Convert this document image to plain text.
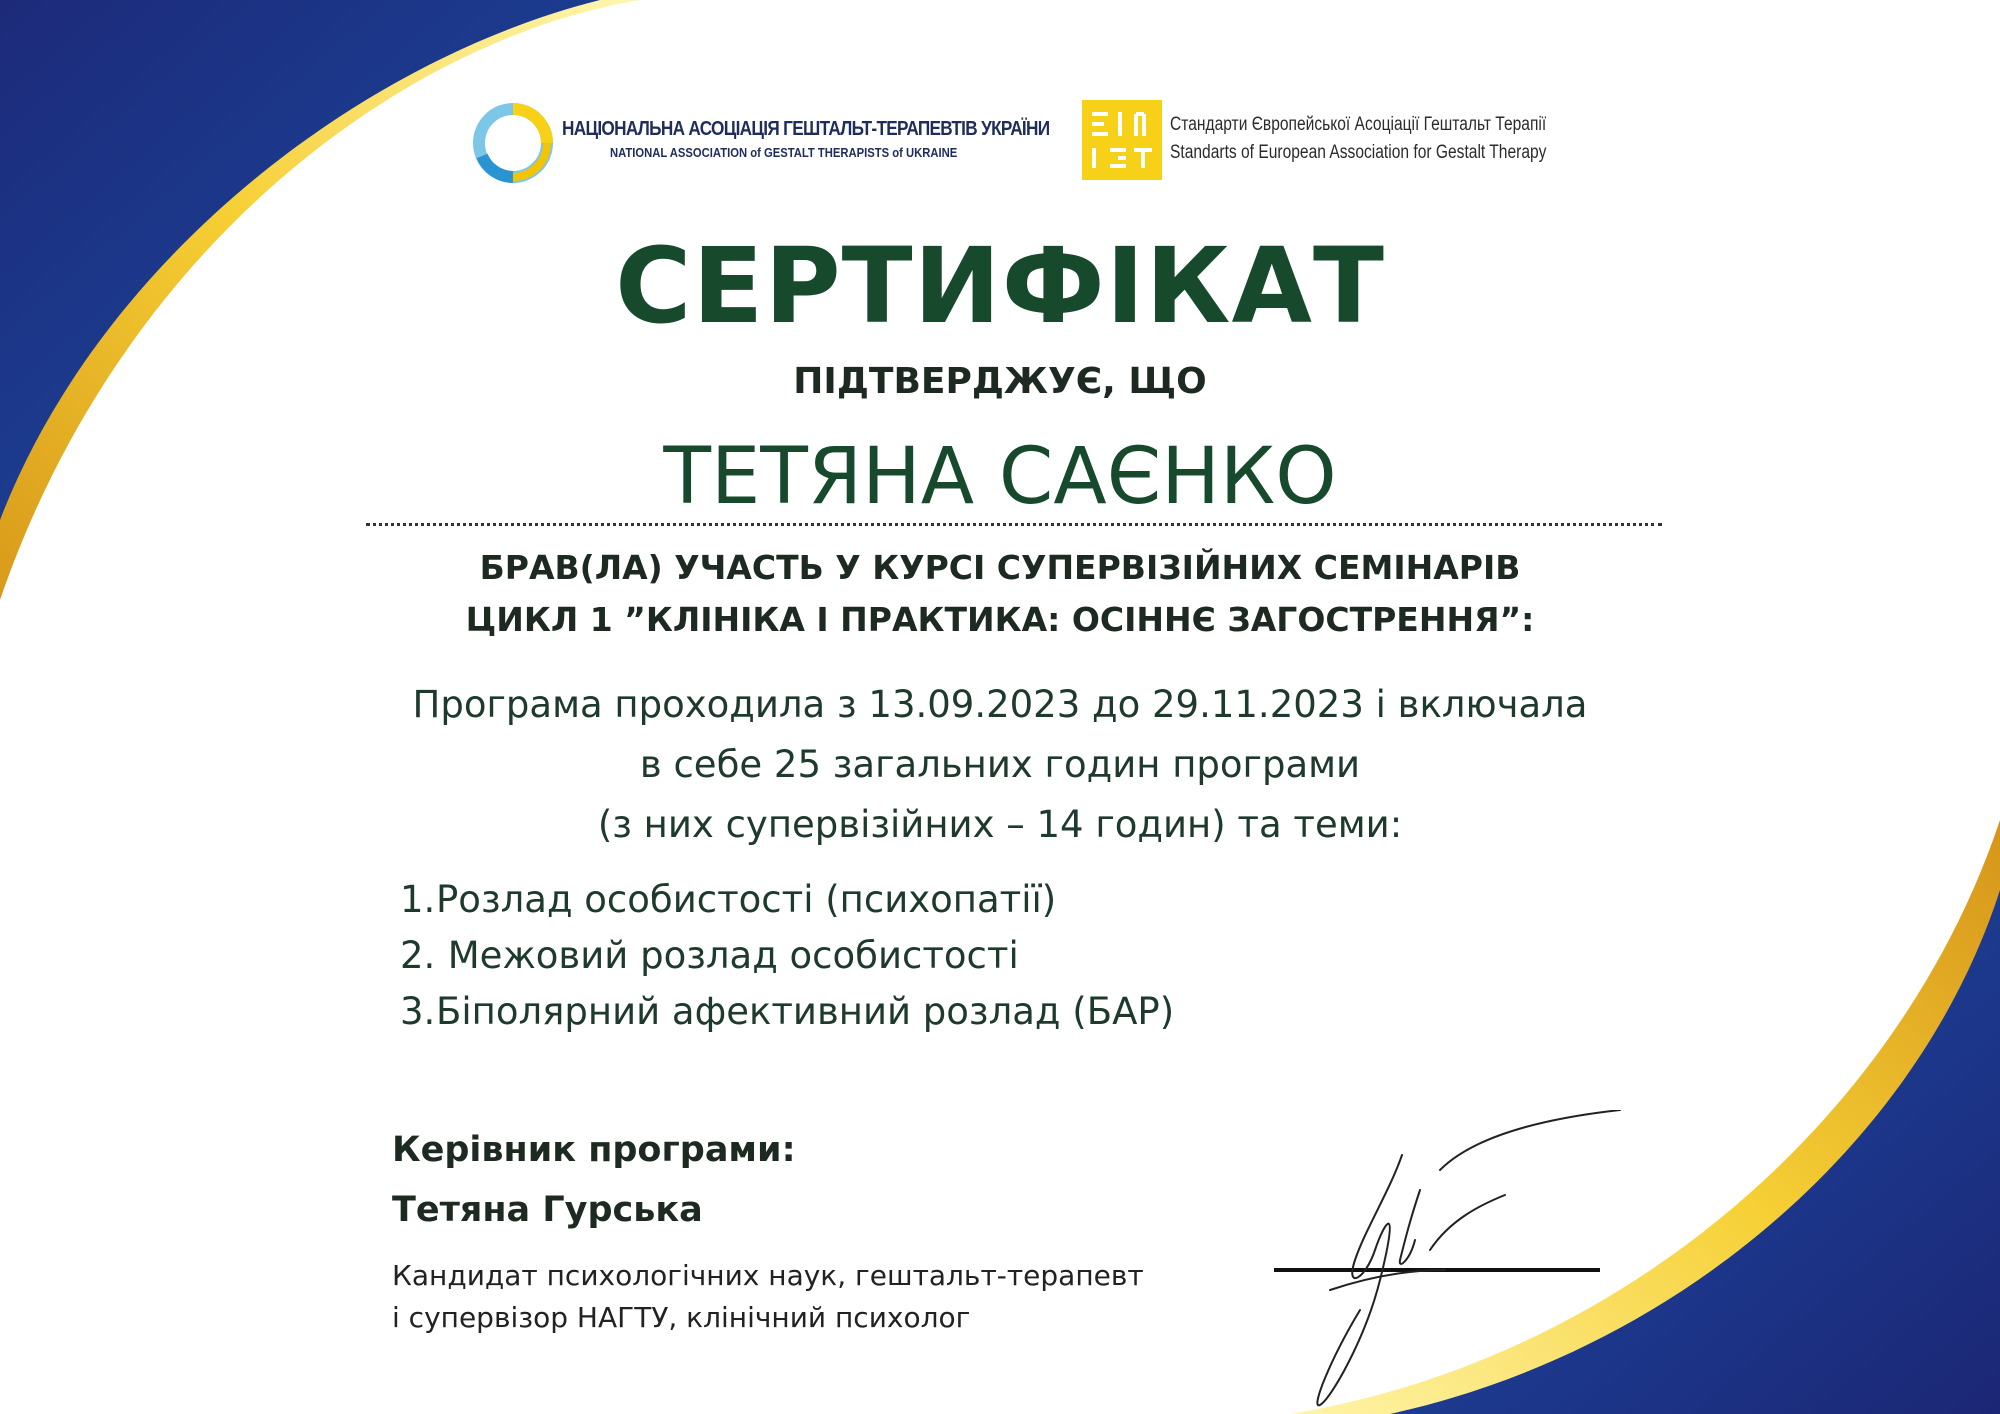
НАЦІОНАЛЬНА АСОЦІАЦІЯ ГЕШТАЛЬТ-ТЕРАПЕВТІВ УКРАЇНИ
NATIONAL ASSOCIATION of GESTALT THERAPISTS of UKRAINE
Стандарти Європейської Асоціації Гештальт Терапії
Standarts of European Association for Gestalt Therapy
СЕРТИФІКАТ
ПІДТВЕРДЖУЄ, ЩО
ТЕТЯНА САЄНКО
БРАВ(ЛА) УЧАСТЬ У КУРСІ СУПЕРВІЗІЙНИХ СЕМІНАРІВ
ЦИКЛ 1 ”КЛІНІКА І ПРАКТИКА: ОСІННЄ ЗАГОСТРЕННЯ”:
Програма проходила з 13.09.2023 до 29.11.2023 і включала
в себе 25 загальних годин програми
(з них супервізійних – 14 годин) та теми:
1.Розлад особистості (психопатії)
2. Межовий розлад особистості
3.Біполярний афективний розлад (БАР)
Керівник програми:
Тетяна Гурська
Кандидат психологічних наук, гештальт-терапевт
і супервізор НАГТУ, клінічний психолог
